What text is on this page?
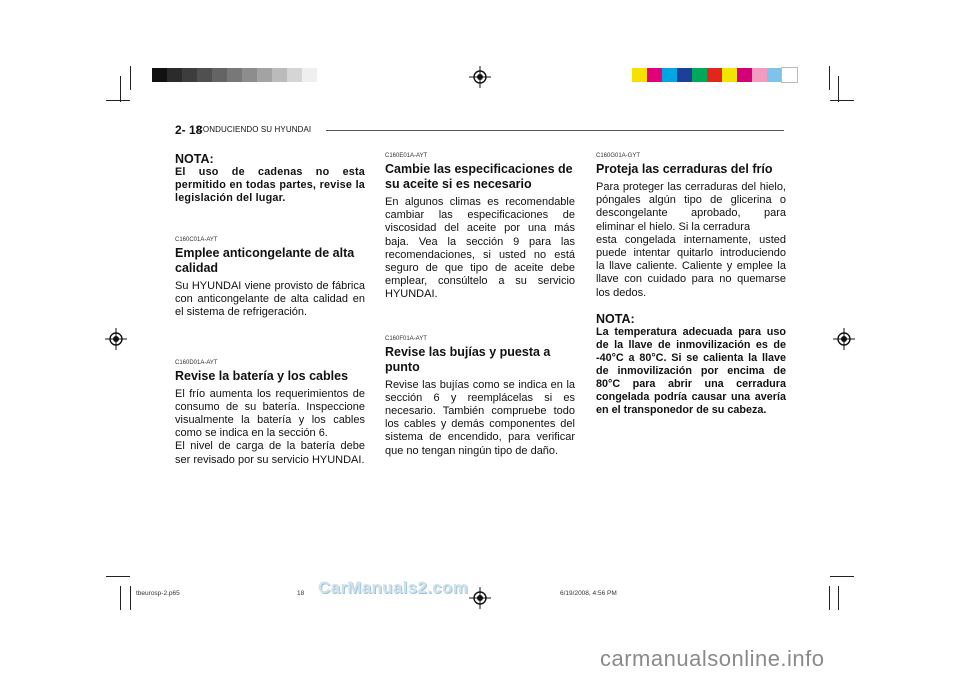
2- 18
CONDUCIENDO SU HYUNDAI
NOTA:
El uso de cadenas no esta permitido en todas partes, revise la legislación del lugar.
C160C01A-AYT
Emplee anticongelante de alta calidad

Su HYUNDAI viene provisto de fábrica con anticongelante de alta calidad en el sistema de refrigeración.

C160D01A-AYT
Revise la batería y los cables

El frío aumenta los requerimientos de consumo de su batería. Inspeccione visualmente la batería y los cables como se indica en la sección 6.

El nivel de carga de la batería debe ser revisado por su servicio HYUNDAI.

C160E01A-AYT
Cambie las especificaciones de su aceite si es necesario

En algunos climas es recomendable cambiar las especificaciones de viscosidad del aceite por una más baja. Vea la sección 9 para las recomendaciones, si usted no está seguro de que tipo de aceite debe emplear, consúltelo a su servicio HYUNDAI.

C160F01A-AYT
Revise las bujías y puesta a punto

Revise las bujías como se indica en la sección 6 y reemplácelas si es necesario. También compruebe todo los cables y demás componentes del sistema de encendido, para verificar que no tengan ningún tipo de daño.

C160G01A-GYT
Proteja las cerraduras del frío

Para proteger las cerraduras del hielo, póngales algún tipo de glicerina o descongelante aprobado, para eliminar el hielo. Si la cerradura

esta congelada internamente, usted puede intentar quitarlo introduciendo la llave caliente. Caliente y emplee la llave con cuidado para no quemarse los dedos.

NOTA:
La temperatura adecuada para uso de la llave de inmovilización es de -40°C a 80°C. Si se calienta la llave de inmovilización por encima de 80°C para abrir una cerradura congelada podría causar una avería en el transponedor de su cabeza.
tbeurosp-2.p65	18	6/19/2008, 4:56 PM
CarManuals2.com
carmanualsonline.info
